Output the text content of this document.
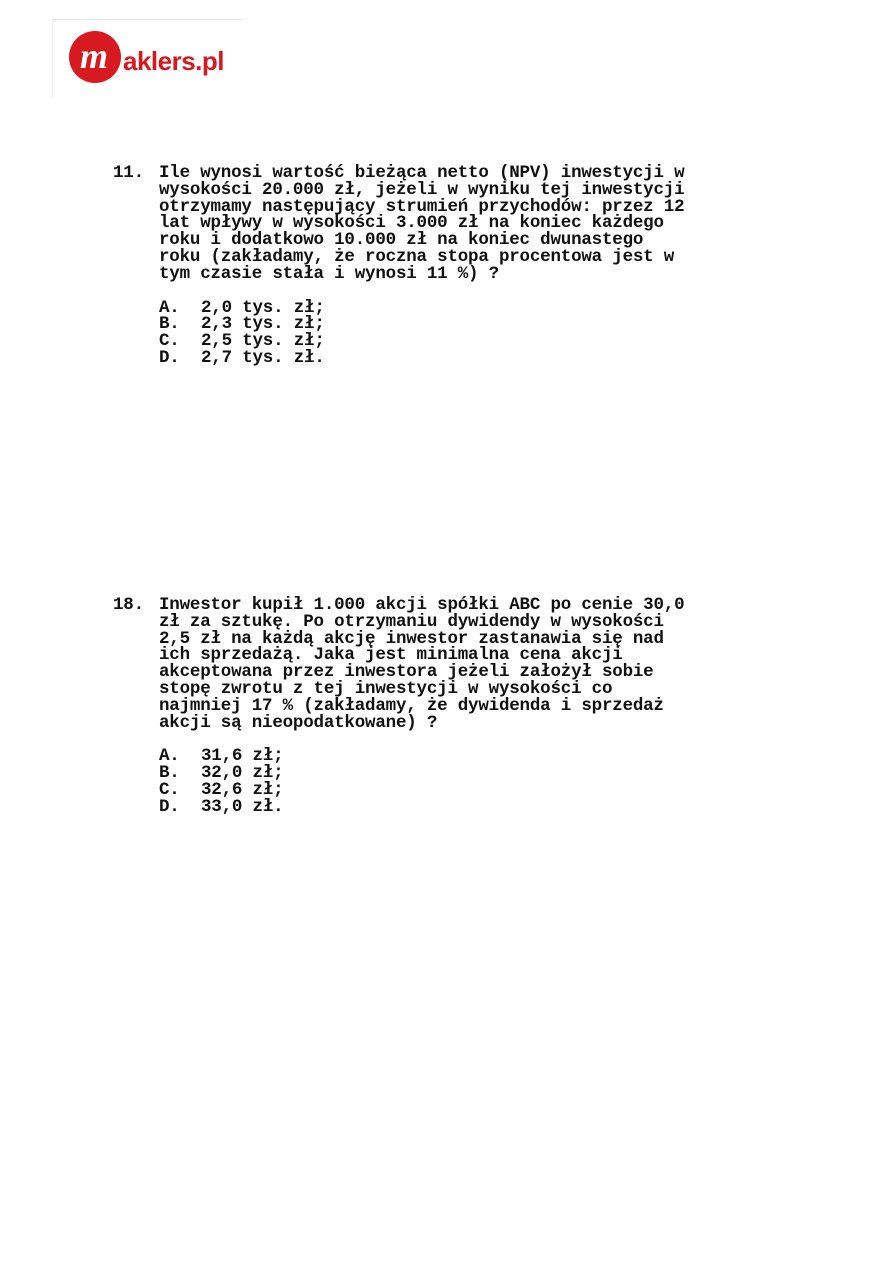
m aklers.pl
11. Ile wynosi wartość bieżąca netto (NPV) inwestycji w
wysokości 20.000 zł, jeżeli w wyniku tej inwestycji
otrzymamy następujący strumień przychodów: przez 12
lat wpływy w wysokości 3.000 zł na koniec każdego
roku i dodatkowo 10.000 zł na koniec dwunastego
roku (zakładamy, że roczna stopa procentowa jest w
tym czasie stała i wynosi 11 %) ?
A.	2,0 tys. zł;
B.	2,3 tys. zł;
C.	2,5 tys. zł;
D.	2,7 tys. zł.
18. Inwestor kupił 1.000 akcji spółki ABC po cenie 30,0
zł za sztukę. Po otrzymaniu dywidendy w wysokości
2,5 zł na każdą akcję inwestor zastanawia się nad
ich sprzedażą. Jaka jest minimalna cena akcji
akceptowana przez inwestora jeżeli założył sobie
stopę zwrotu z tej inwestycji w wysokości co
najmniej 17 % (zakładamy, że dywidenda i sprzedaż
akcji są nieopodatkowane) ?
A.	31,6 zł;
B.	32,0 zł;
C.	32,6 zł;
D.	33,0 zł.
